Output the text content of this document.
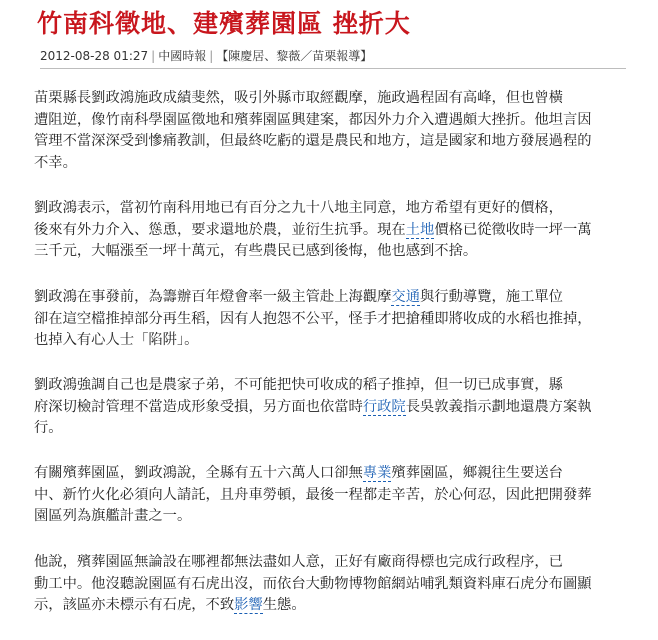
竹南科徵地、建殯葬園區 挫折大
2012-08-28 01:27 | 中國時報 | 【陳慶居、黎薇／苗栗報導】
苗栗縣長劉政鴻施政成績斐然，吸引外縣市取經觀摩，施政過程固有高峰，但也曾橫
遭阻逆，像竹南科學園區徵地和殯葬園區興建案，都因外力介入遭遇頗大挫折。他坦言因
管理不當深深受到慘痛教訓，但最終吃虧的還是農民和地方，這是國家和地方發展過程的
不幸。
劉政鴻表示，當初竹南科用地已有百分之九十八地主同意，地方希望有更好的價格，
後來有外力介入、慫恿，要求還地於農，並衍生抗爭。現在土地價格已從徵收時一坪一萬
三千元，大幅漲至一坪十萬元，有些農民已感到後悔，他也感到不捨。
劉政鴻在事發前，為籌辦百年燈會率一級主管赴上海觀摩交通與行動導覽，施工單位
卻在這空檔推掉部分再生稻，因有人抱怨不公平，怪手才把搶種即將收成的水稻也推掉，
也掉入有心人士「陷阱」。
劉政鴻強調自己也是農家子弟，不可能把快可收成的稻子推掉，但一切已成事實，縣
府深切檢討管理不當造成形象受損，另方面也依當時行政院長吳敦義指示劃地還農方案執
行。
有關殯葬園區，劉政鴻說，全縣有五十六萬人口卻無專業殯葬園區，鄉親往生要送台
中、新竹火化必須向人請託，且舟車勞頓，最後一程都走辛苦，於心何忍，因此把開發葬
園區列為旗艦計畫之一。
他說，殯葬園區無論設在哪裡都無法盡如人意，正好有廠商得標也完成行政程序，已
動工中。他沒聽說園區有石虎出沒，而依台大動物博物館網站哺乳類資料庫石虎分布圖顯
示，該區亦未標示有石虎，不致影響生態。
